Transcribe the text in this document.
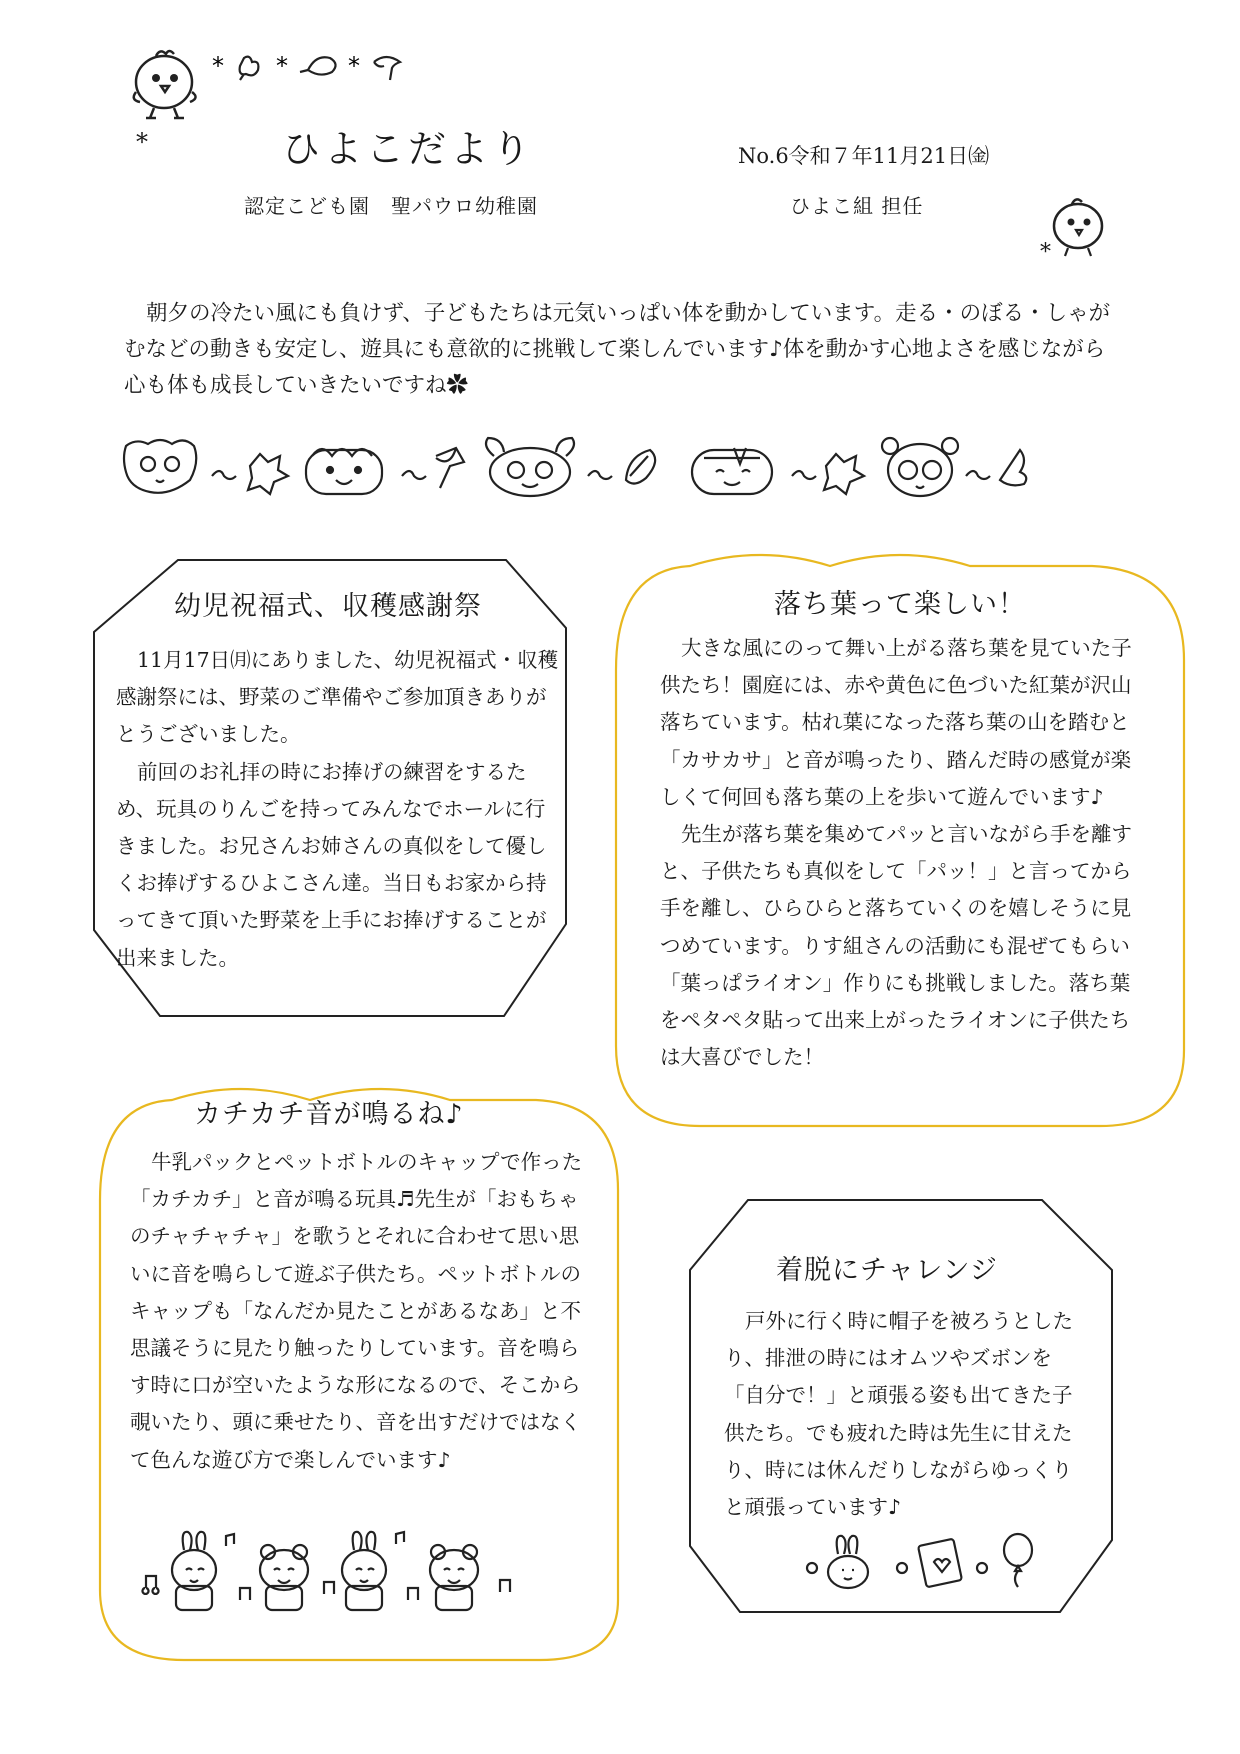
*
* *	*
ひよこだより	No.6令和７年11月21日㈮
認定こども園　聖パウロ幼稚園	ひよこ組 担任
*

朝夕の冷たい風にも負けず、子どもたちは元気いっぱい体を動かしています。走る・のぼる・しゃがむなどの動きも安定し、遊具にも意欲的に挑戦して楽しんでいます♪体を動かす心地よさを感じながら心も体も成長していきたいですね✿

幼児祝福式、収穫感謝祭

11月17日㈪にありました、幼児祝福式・収穫感謝祭には、野菜のご準備やご参加頂きありがとうございました。

前回のお礼拝の時にお捧げの練習をするため、玩具のりんごを持ってみんなでホールに行きました。お兄さんお姉さんの真似をして優しくお捧げするひよこさん達。当日もお家から持ってきて頂いた野菜を上手にお捧げすることが出来ました。

落ち葉って楽しい！

大きな風にのって舞い上がる落ち葉を見ていた子供たち！園庭には、赤や黄色に色づいた紅葉が沢山落ちています。枯れ葉になった落ち葉の山を踏むと「カサカサ」と音が鳴ったり、踏んだ時の感覚が楽しくて何回も落ち葉の上を歩いて遊んでいます♪

先生が落ち葉を集めてパッと言いながら手を離すと、子供たちも真似をして「パッ！」と言ってから手を離し、ひらひらと落ちていくのを嬉しそうに見つめています。りす組さんの活動にも混ぜてもらい「葉っぱライオン」作りにも挑戦しました。落ち葉をペタペタ貼って出来上がったライオンに子供たちは大喜びでした！

カチカチ音が鳴るね♪

牛乳パックとペットボトルのキャップで作った「カチカチ」と音が鳴る玩具♬先生が「おもちゃのチャチャチャ」を歌うとそれに合わせて思い思いに音を鳴らして遊ぶ子供たち。ペットボトルのキャップも「なんだか見たことがあるなあ」と不思議そうに見たり触ったりしています。音を鳴らす時に口が空いたような形になるので、そこから覗いたり、頭に乗せたり、音を出すだけではなくて色んな遊び方で楽しんでいます♪

着脱にチャレンジ

戸外に行く時に帽子を被ろうとしたり、排泄の時にはオムツやズボンを「自分で！」と頑張る姿も出てきた子供たち。でも疲れた時は先生に甘えたり、時には休んだりしながらゆっくりと頑張っています♪
